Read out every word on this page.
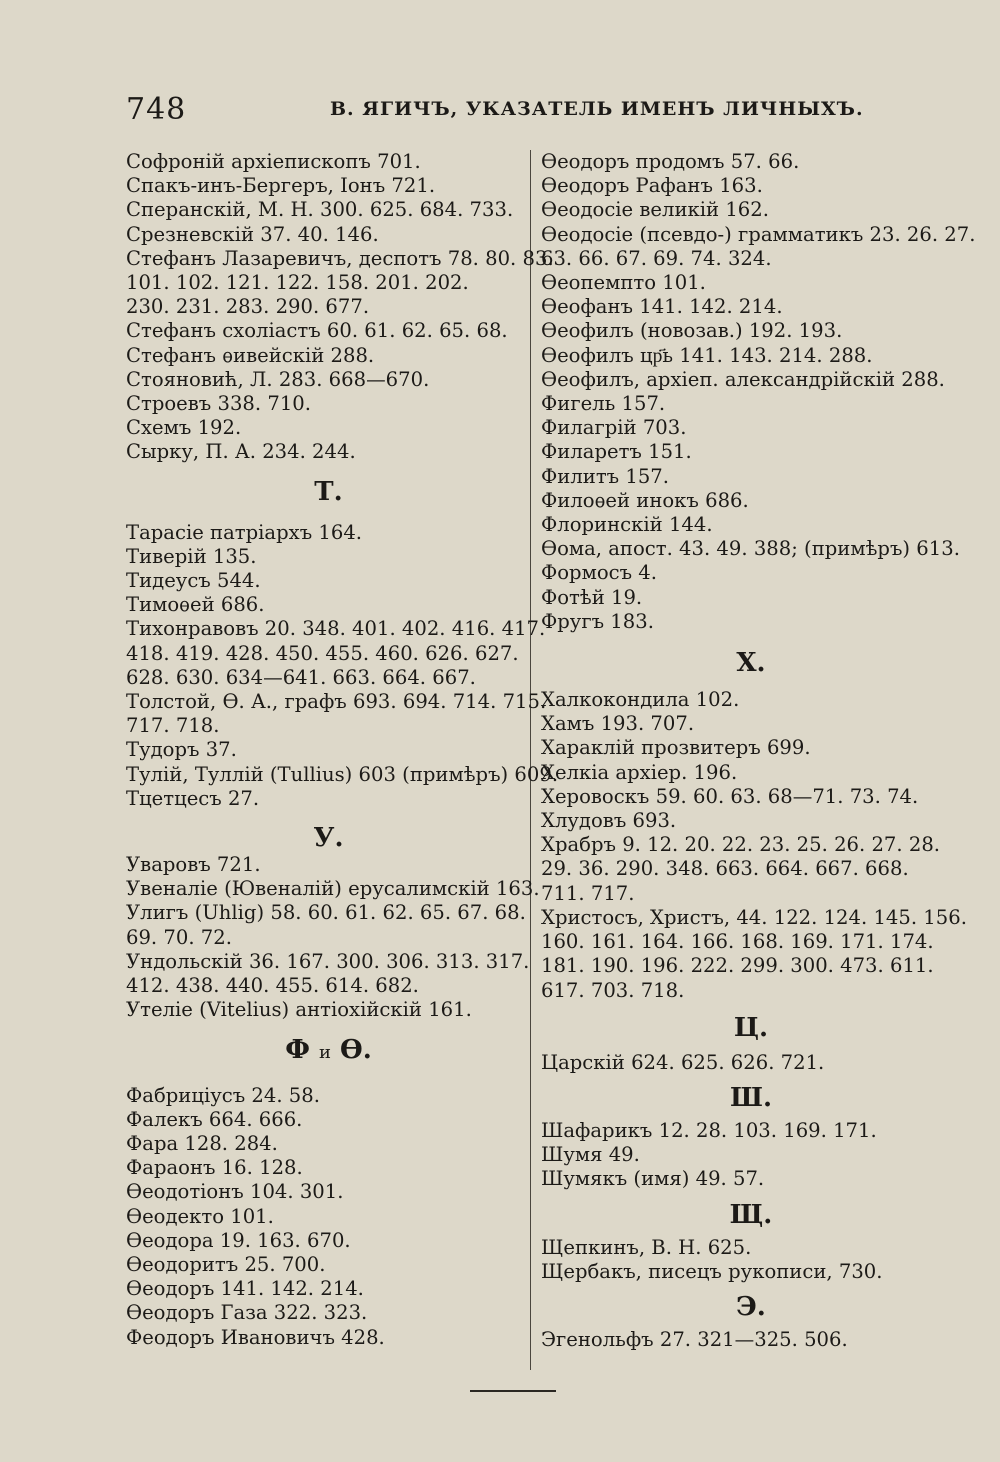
748	В. ЯГИЧЪ, УКАЗАТЕЛЬ ИМЕНЪ ЛИЧНЫХЪ.
Софроній архіепископъ 701.
Спакъ-инъ-Бергеръ, Іонъ 721.
Сперанскій, М. Н. 300. 625. 684. 733.
Срезневскій 37. 40. 146.
Стефанъ Лазаревичъ, деспотъ 78. 80. 83.
101. 102. 121. 122. 158. 201. 202.
230. 231. 283. 290. 677.
Стефанъ схоліастъ 60. 61. 62. 65. 68.
Стефанъ ѳивейскій 288.
Стояновић, Л. 283. 668—670.
Строевъ 338. 710.
Схемъ 192.
Сырку, П. А. 234. 244.
Т.
Тарасіе патріархъ 164.
Тиверій 135.
Тидеусъ 544.
Тимоѳей 686.
Тихонравовъ 20. 348. 401. 402. 416. 417.
418. 419. 428. 450. 455. 460. 626. 627.
628. 630. 634—641. 663. 664. 667.
Толстой, Ѳ. А., графъ 693. 694. 714. 715.
717. 718.
Тудоръ 37.
Тулій, Туллій (Tullius) 603 (примѣръ) 609.
Тцетцесъ 27.
У.
Уваровъ 721.
Увеналіе (Ювеналій) ерусалимскій 163.
Улигъ (Uhlig) 58. 60. 61. 62. 65. 67. 68.
69. 70. 72.
Ундольскій 36. 167. 300. 306. 313. 317.
412. 438. 440. 455. 614. 682.
Утеліе (Vitelius) антіохійскій 161.
Ф и Ѳ.
Фабриціусъ 24. 58.
Фалекъ 664. 666.
Фара 128. 284.
Фараонъ 16. 128.
Ѳеодотіонъ 104. 301.
Ѳеодекто 101.
Ѳеодора 19. 163. 670.
Ѳеодоритъ 25. 700.
Ѳеодоръ 141. 142. 214.
Ѳеодоръ Газа 322. 323.
Феодоръ Ивановичъ 428.
Ѳеодоръ продомъ 57. 66.
Ѳеодоръ Рафанъ 163.
Ѳеодосіе великій 162.
Ѳеодосіе (псевдо-) грамматикъ 23. 26. 27.
63. 66. 67. 69. 74. 324.
Ѳеопемпто 101.
Ѳеофанъ 141. 142. 214.
Ѳеофилъ (новозав.) 192. 193.
Ѳеофилъ цр҃ь 141. 143. 214. 288.
Ѳеофилъ, архіеп. александрійскій 288.
Фигель 157.
Филагрій 703.
Филаретъ 151.
Филитъ 157.
Филоѳей инокъ 686.
Флоринскій 144.
Ѳома, апост. 43. 49. 388; (примѣръ) 613.
Формосъ 4.
Фотѣй 19.
Фругъ 183.
Х.
Халкокондила 102.
Хамъ 193. 707.
Хараклій прозвитеръ 699.
Хелкіа архіер. 196.
Херовоскъ 59. 60. 63. 68—71. 73. 74.
Хлудовъ 693.
Храбръ 9. 12. 20. 22. 23. 25. 26. 27. 28.
29. 36. 290. 348. 663. 664. 667. 668.
711. 717.
Христосъ, Христъ, 44. 122. 124. 145. 156.
160. 161. 164. 166. 168. 169. 171. 174.
181. 190. 196. 222. 299. 300. 473. 611.
617. 703. 718.
Ц.
Царскій 624. 625. 626. 721.
Ш.
Шафарикъ 12. 28. 103. 169. 171.
Шумя 49.
Шумякъ (имя) 49. 57.
Щ.
Щепкинъ, В. Н. 625.
Щербакъ, писецъ рукописи, 730.
Э.
Эгенольфъ 27. 321—325. 506.
